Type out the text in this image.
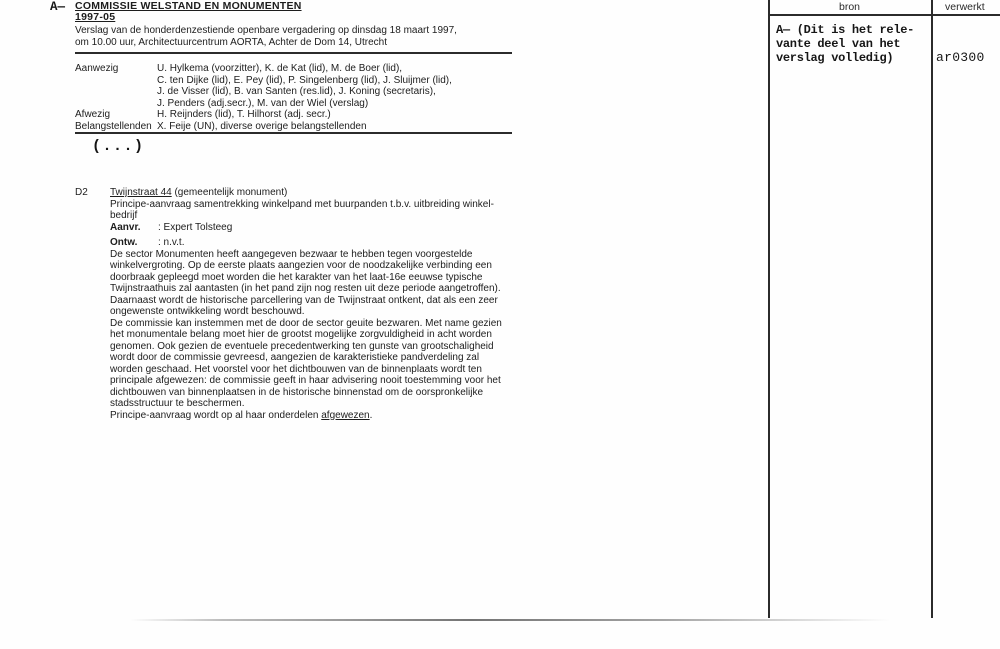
A— COMMISSIE WELSTAND EN MONUMENTEN
1997-05
Verslag van de honderdenzestiende openbare vergadering op dinsdag 18 maart 1997,
om 10.00 uur, Architectuurcentrum AORTA, Achter de Dom 14, Utrecht
Aanwezig	U. Hylkema (voorzitter), K. de Kat (lid), M. de Boer (lid),
C. ten Dijke (lid), E. Pey (lid), P. Singelenberg (lid), J. Sluijmer (lid),
J. de Visser (lid), B. van Santen (res.lid), J. Koning (secretaris),
J. Penders (adj.secr.), M. van der Wiel (verslag)
Afwezig	H. Reijnders (lid), T. Hilhorst (adj. secr.)
Belangstellenden X. Feije (UN), diverse overige belangstellenden
(...)
D2 Twijnstraat 44 (gemeentelijk monument)
Principe-aanvraag samentrekking winkelpand met buurpanden t.b.v. uitbreiding winkel-
bedrijf
Aanvr.	: Expert Tolsteeg
Ontw.	: n.v.t.
De sector Monumenten heeft aangegeven bezwaar te hebben tegen voorgestelde
winkelvergroting. Op de eerste plaats aangezien voor de noodzakelijke verbinding een
doorbraak gepleegd moet worden die het karakter van het laat-16e eeuwse typische
Twijnstraathuis zal aantasten (in het pand zijn nog resten uit deze periode aangetroffen).
Daarnaast wordt de historische parcellering van de Twijnstraat ontkent, dat als een zeer
ongewenste ontwikkeling wordt beschouwd.
De commissie kan instemmen met de door de sector geuite bezwaren. Met name gezien
het monumentale belang moet hier de grootst mogelijke zorgvuldigheid in acht worden
genomen. Ook gezien de eventuele precedentwerking ten gunste van grootschaligheid
wordt door de commissie gevreesd, aangezien de karakteristieke pandverdeling zal
worden geschaad. Het voorstel voor het dichtbouwen van de binnenplaats wordt ten
principale afgewezen: de commissie geeft in haar advisering nooit toestemming voor het
dichtbouwen van binnenplaatsen in de historische binnenstad om de oorspronkelijke
stadsstructuur te beschermen.
Principe-aanvraag wordt op al haar onderdelen afgewezen.
bron	verwerkt
A— (Dit is het rele-
vante deel van het
verslag volledig)	ar0300
